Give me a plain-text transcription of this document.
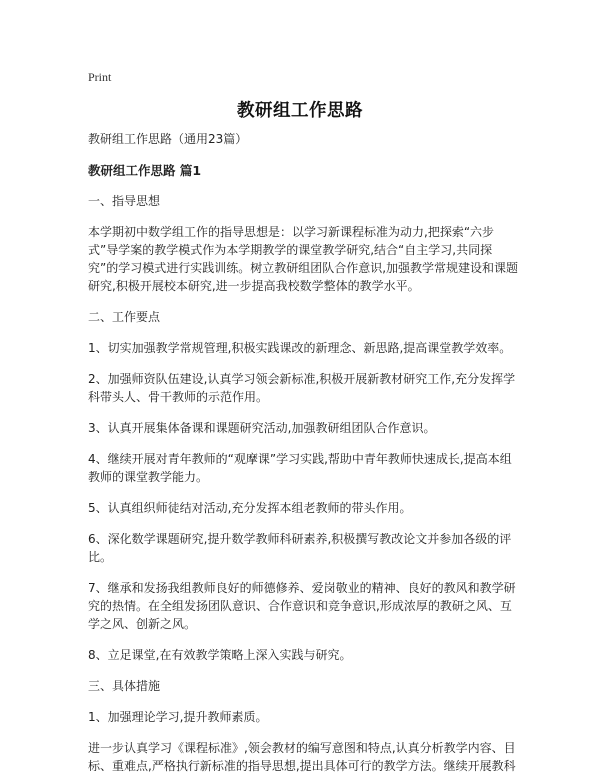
Print
教研组工作思路

教研组工作思路（通用23篇）

教研组工作思路 篇1

一、指导思想

本学期初中数学组工作的指导思想是：以学习新课程标准为动力,把探索“六步式”导学案的教学模式作为本学期教学的课堂教学研究,结合“自主学习,共同探究”的学习模式进行实践训练。树立教研组团队合作意识,加强教学常规建设和课题研究,积极开展校本研究,进一步提高我校数学整体的教学水平。

二、工作要点

1、切实加强教学常规管理,积极实践课改的新理念、新思路,提高课堂教学效率。

2、加强师资队伍建设,认真学习领会新标准,积极开展新教材研究工作,充分发挥学科带头人、骨干教师的示范作用。

3、认真开展集体备课和课题研究活动,加强教研组团队合作意识。

4、继续开展对青年教师的“观摩课”学习实践,帮助中青年教师快速成长,提高本组教师的课堂教学能力。

5、认真组织师徒结对活动,充分发挥本组老教师的带头作用。

6、深化数学课题研究,提升数学教师科研素养,积极撰写教改论文并参加各级的评比。

7、继承和发扬我组教师良好的师德修养、爱岗敬业的精神、良好的教风和教学研究的热情。在全组发扬团队意识、合作意识和竞争意识,形成浓厚的教研之风、互学之风、创新之风。

8、立足课堂,在有效教学策略上深入实践与研究。

三、具体措施

1、加强理论学习,提升教师素质。

进一步认真学习《课程标准》,领会教材的编写意图和特点,认真分析教学内容、目标、重难点,严格执行新标准的指导思想,提出具体可行的教学方法。继续开展教科
